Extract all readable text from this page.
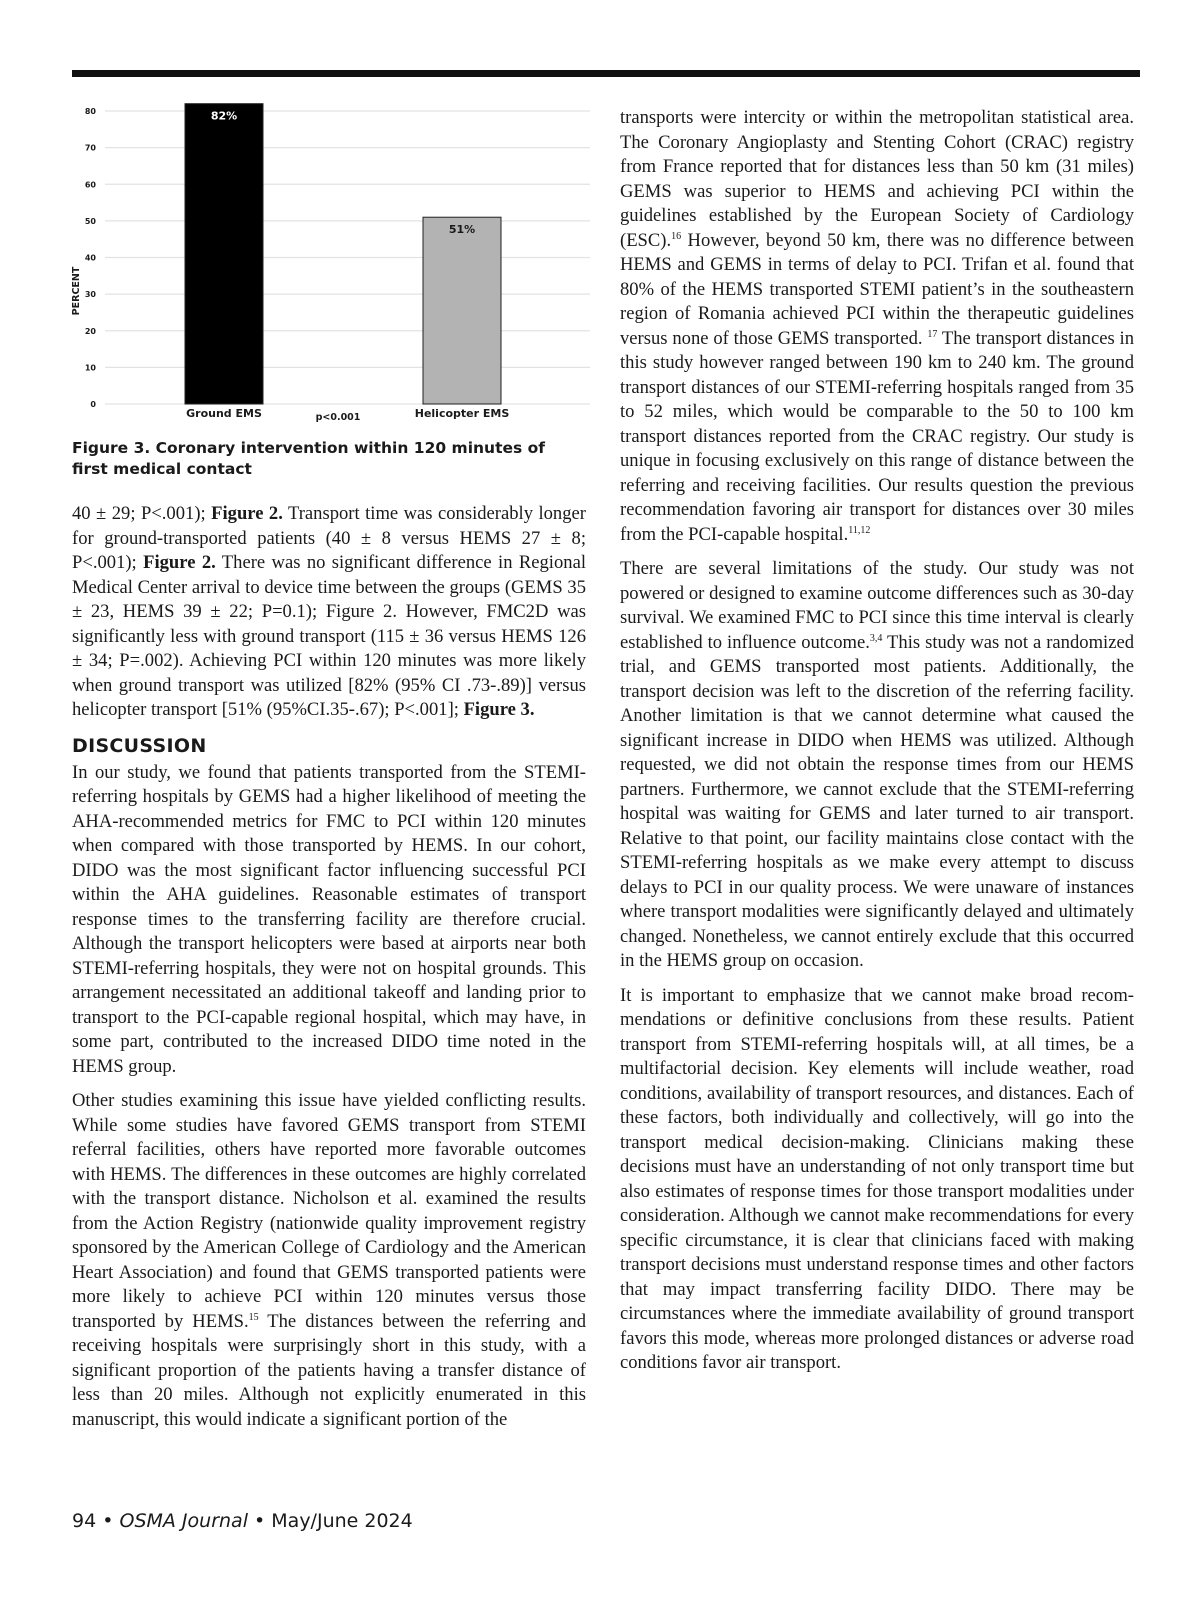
0
10
20
30
40
50
60
70
80
PERCENT
82%
51%
Ground EMS	Helicopter EMS
p<0.001
Figure 3. Coronary intervention within 120 minutes of first medical contact

40 ± 29; P<.001); Figure 2. Transport time was considerably longer for ground-transported patients (40 ± 8 versus HEMS 27 ± 8; P<.001); Figure 2. There was no significant difference in Regional Medical Center arrival to device time between the groups (GEMS 35 ± 23, HEMS 39 ± 22; P=0.1); Figure 2. However, FMC2D was significantly less with ground transport (115 ± 36 versus HEMS 126 ± 34; P=.002). Achieving PCI within 120 minutes was more likely when ground transport was utilized [82% (95% CI .73-.89)] versus helicopter transport [51% (95%CI.35-.67); P<.001]; Figure 3.

DISCUSSION

In our study, we found that patients transported from the STEMI-referring hospitals by GEMS had a higher likelihood of meeting the AHA-recommended metrics for FMC to PCI within 120 minutes when compared with those transported by HEMS. In our cohort, DIDO was the most significant factor influencing successful PCI within the AHA guidelines. Reasonable estimates of transport response times to the transferring facility are therefore crucial. Although the transport helicopters were based at airports near both STEMI-referring hospitals, they were not on hospital grounds. This arrangement necessitated an additional takeoff and landing prior to transport to the PCI-capable regional hospital, which may have, in some part, contributed to the increased DIDO time noted in the HEMS group.

Other studies examining this issue have yielded conflicting results. While some studies have favored GEMS transport from STEMI referral facilities, others have reported more favorable outcomes with HEMS. The differences in these outcomes are highly correlated with the transport distance. Nicholson et al. examined the results from the Action Registry (nationwide quality improvement registry sponsored by the American College of Cardiology and the American Heart Association) and found that GEMS transported patients were more likely to achieve PCI within 120 minutes versus those transported by HEMS.$^{15}$ The distances between the referring and receiving hospitals were surprisingly short in this study, with a significant proportion of the patients having a transfer distance of less than 20 miles. Although not explicitly enumerated in this manuscript, this would indicate a significant portion of the

transports were intercity or within the metropolitan statistical area. The Coronary Angioplasty and Stenting Cohort (CRAC) registry from France reported that for distances less than 50 km (31 miles) GEMS was superior to HEMS and achieving PCI within the guidelines established by the European Society of Cardiology (ESC).$^{16}$ However, beyond 50 km, there was no difference between HEMS and GEMS in terms of delay to PCI. Trifan et al. found that 80% of the HEMS transported STEMI patient’s in the southeastern region of Romania achieved PCI within the therapeutic guidelines versus none of those GEMS transported. $^{17}$ The transport distances in this study however ranged between 190 km to 240 km. The ground transport distances of our STEMI-referring hospitals ranged from 35 to 52 miles, which would be comparable to the 50 to 100 km transport distances reported from the CRAC registry. Our study is unique in focusing exclusively on this range of distance between the referring and receiving facilities. Our results question the previous recommendation favoring air transport for distances over 30 miles from the PCI-capable hospital.$^{11,12}$

There are several limitations of the study. Our study was not powered or designed to examine outcome differences such as 30-day survival. We examined FMC to PCI since this time interval is clearly established to influence outcome.$^{3,4}$ This study was not a randomized trial, and GEMS transported most patients. Additionally, the transport decision was left to the discretion of the referring facility. Another limitation is that we cannot determine what caused the significant increase in DIDO when HEMS was utilized. Although requested, we did not obtain the response times from our HEMS partners. Furthermore, we cannot exclude that the STEMI-referring hospital was waiting for GEMS and later turned to air transport. Relative to that point, our facility maintains close contact with the STEMI-referring hospitals as we make every attempt to discuss delays to PCI in our quality process. We were unaware of instances where transport modalities were significantly delayed and ultimately changed. Nonetheless, we cannot entirely exclude that this occurred in the HEMS group on occasion.

It is important to emphasize that we cannot make broad recommendations or definitive conclusions from these results. Patient transport from STEMI-referring hospitals will, at all times, be a multifactorial decision. Key elements will include weather, road conditions, availability of transport resources, and distances. Each of these factors, both individually and collectively, will go into the transport medical decision-making. Clinicians making these decisions must have an understanding of not only transport time but also estimates of response times for those transport modalities under consideration. Although we cannot make recommendations for every specific circumstance, it is clear that clinicians faced with making transport decisions must understand response times and other factors that may impact transferring facility DIDO. There may be circumstances where the immediate availability of ground transport favors this mode, whereas more prolonged distances or adverse road conditions favor air transport.

94 • OSMA Journal • May/June 2024
